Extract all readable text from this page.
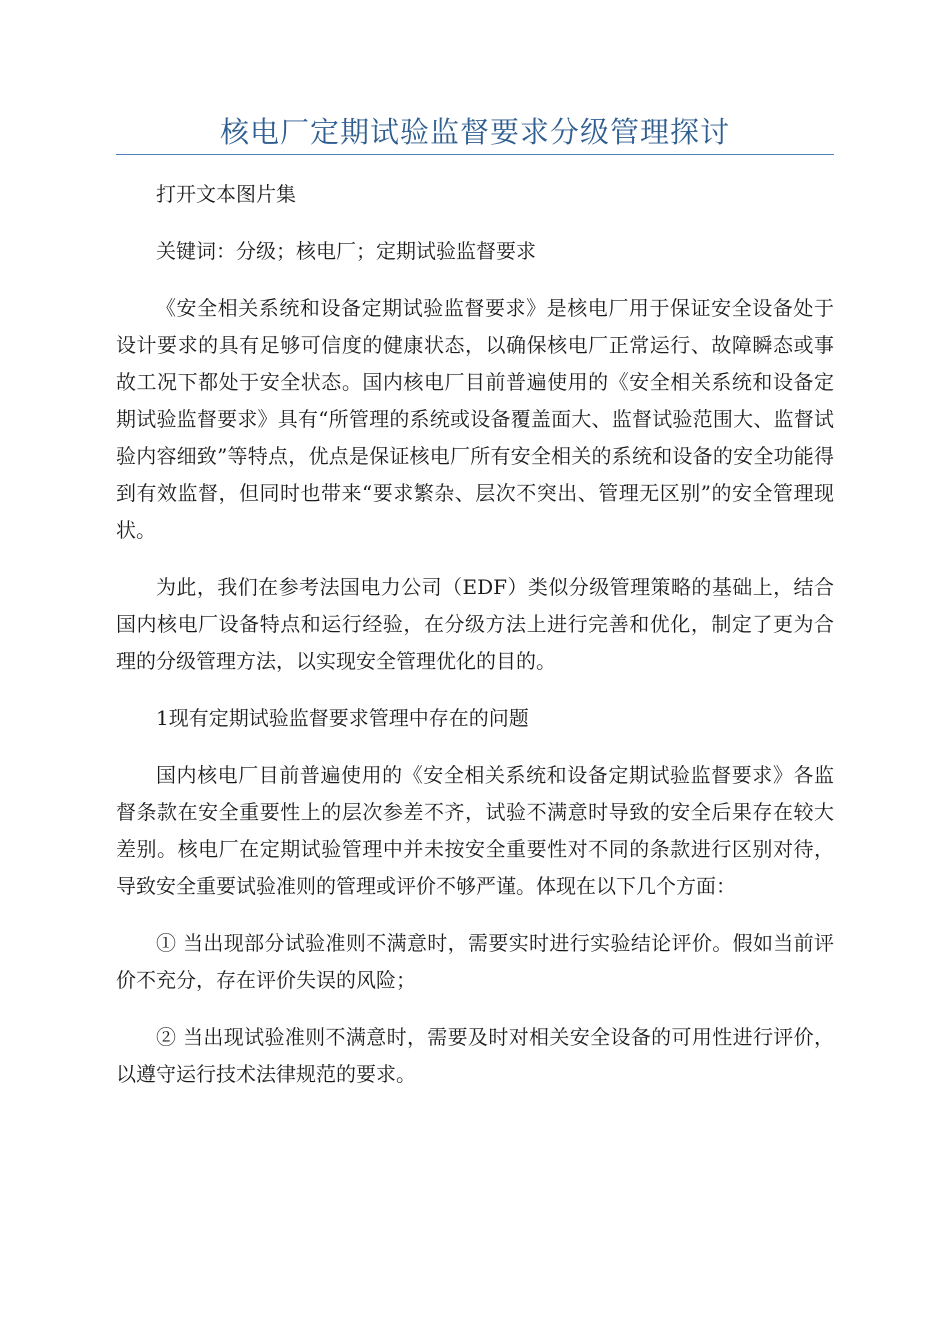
核电厂定期试验监督要求分级管理探讨

打开文本图片集

关键词：分级；核电厂；定期试验监督要求

《安全相关系统和设备定期试验监督要求》是核电厂用于保证安全设备处于设计要求的具有足够可信度的健康状态，以确保核电厂正常运行、故障瞬态或事故工况下都处于安全状态。国内核电厂目前普遍使用的《安全相关系统和设备定期试验监督要求》具有“所管理的系统或设备覆盖面大、监督试验范围大、监督试验内容细致”等特点，优点是保证核电厂所有安全相关的系统和设备的安全功能得到有效监督，但同时也带来“要求繁杂、层次不突出、管理无区别”的安全管理现状。

为此，我们在参考法国电力公司（EDF）类似分级管理策略的基础上，结合国内核电厂设备特点和运行经验，在分级方法上进行完善和优化，制定了更为合理的分级管理方法，以实现安全管理优化的目的。

1现有定期试验监督要求管理中存在的问题

国内核电厂目前普遍使用的《安全相关系统和设备定期试验监督要求》各监督条款在安全重要性上的层次参差不齐，试验不满意时导致的安全后果存在较大差别。核电厂在定期试验管理中并未按安全重要性对不同的条款进行区别对待，导致安全重要试验准则的管理或评价不够严谨。体现在以下几个方面：

① 当出现部分试验准则不满意时，需要实时进行实验结论评价。假如当前评价不充分，存在评价失误的风险；

② 当出现试验准则不满意时，需要及时对相关安全设备的可用性进行评价，以遵守运行技术法律规范的要求。
